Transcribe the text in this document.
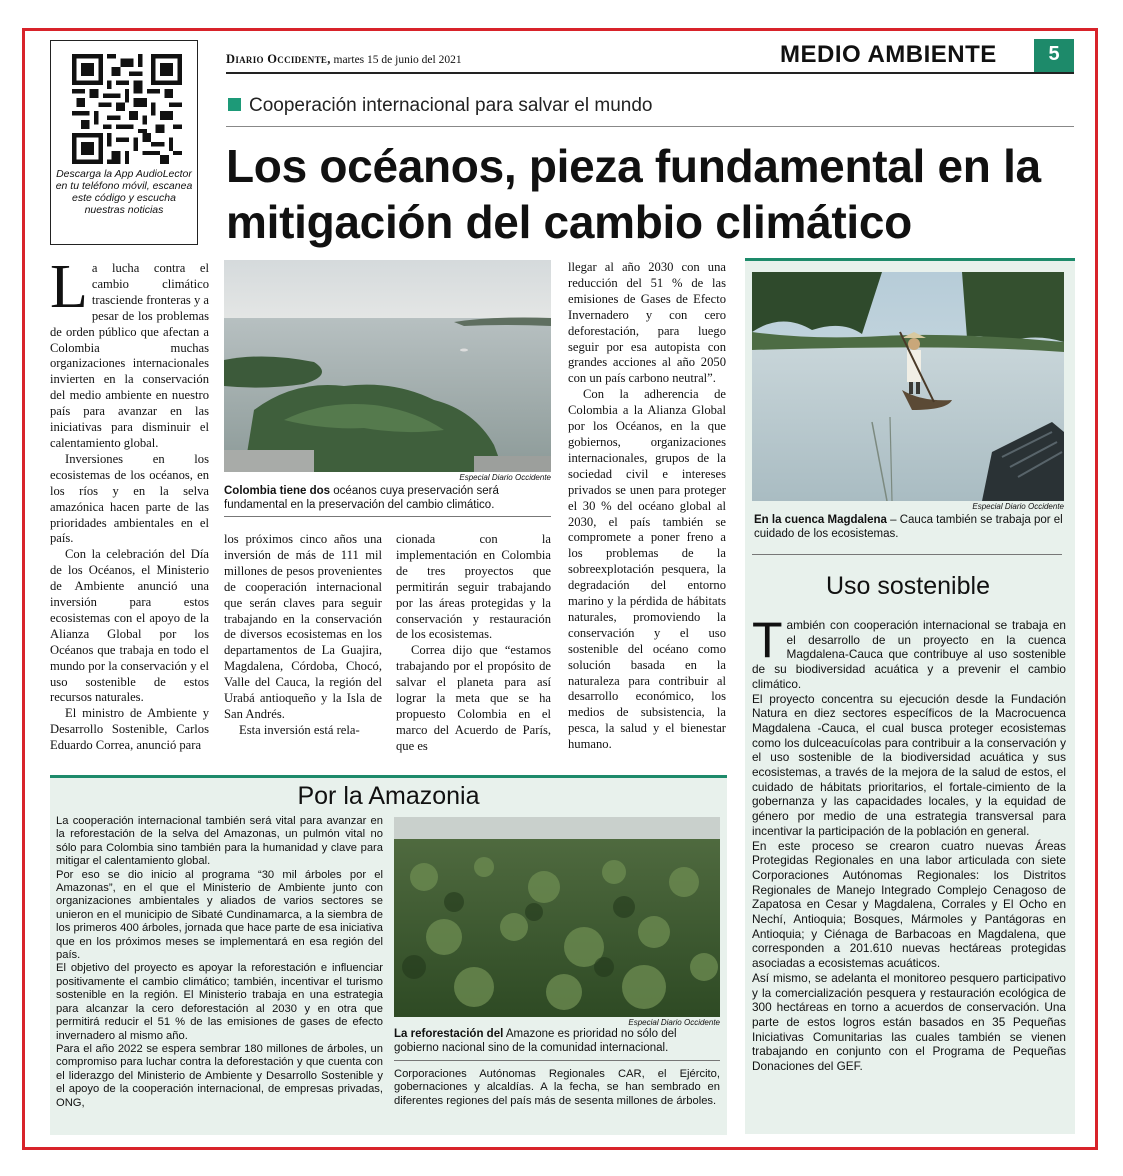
Descarga la App AudioLector en tu teléfono móvil, escanea este código y escucha nuestras noticias
Diario Occidente, martes 15 de junio del 2021	MEDIO AMBIENTE	5
Cooperación internacional para salvar el mundo
Los océanos, pieza fundamental en la mitigación del cambio climático

La lucha contra el cambio climático trasciende fronteras y a pesar de los problemas de orden público que afectan a Colombia muchas organizaciones internacionales invierten en la conservación del medio ambiente en nuestro país para avanzar en las iniciativas para disminuir el calentamiento global.

Inversiones en los ecosistemas de los océanos, en los ríos y en la selva amazónica hacen parte de las prioridades ambientales en el país.

Con la celebración del Día de los Océanos, el Ministerio de Ambiente anunció una inversión para estos ecosistemas con el apoyo de la Alianza Global por los Océanos que trabaja en todo el mundo por la conservación y el uso sostenible de estos recursos naturales.

El ministro de Ambiente y Desarrollo Sostenible, Carlos Eduardo Correa, anunció para

Especial Diario Occidente
Colombia tiene dos océanos cuya preservación será fundamental en la preservación del cambio climático.

los próximos cinco años una inversión de más de 111 mil millones de pesos provenientes de cooperación internacional que serán claves para seguir trabajando en la conservación de diversos ecosistemas en los departamentos de La Guajira, Magdalena, Córdoba, Chocó, Valle del Cauca, la región del Urabá antioqueño y la Isla de San Andrés.

Esta inversión está rela-

cionada con la implementación en Colombia de tres proyectos que permitirán seguir trabajando por las áreas protegidas y la conservación y restauración de los ecosistemas.

Correa dijo que “estamos trabajando por el propósito de salvar el planeta para así lograr la meta que se ha propuesto Colombia en el marco del Acuerdo de París, que es

llegar al año 2030 con una reducción del 51 % de las emisiones de Gases de Efecto Invernadero y con cero deforestación, para luego seguir por esa autopista con grandes acciones al año 2050 con un país carbono neutral”.

Con la adherencia de Colombia a la Alianza Global por los Océanos, en la que gobiernos, organizaciones internacionales, grupos de la sociedad civil e intereses privados se unen para proteger el 30 % del océano global al 2030, el país también se compromete a poner freno a los problemas de la sobreexplotación pesquera, la degradación del entorno marino y la pérdida de hábitats naturales, promoviendo la conservación y el uso sostenible del océano como solución basada en la naturaleza para contribuir al desarrollo económico, los medios de subsistencia, la pesca, la salud y el bienestar humano.

Especial Diario Occidente
En la cuenca Magdalena – Cauca también se trabaja por el cuidado de los ecosistemas.
Uso sostenible

También con cooperación internacional se trabaja en el desarrollo de un proyecto en la cuenca Magdalena-Cauca que contribuye al uso sostenible de su biodiversidad acuática y a prevenir el cambio climático.

El proyecto concentra su ejecución desde la Fundación Natura en diez sectores específicos de la Macrocuenca Magdalena -Cauca, el cual busca proteger ecosistemas como los dulceacuícolas para contribuir a la conservación y el uso sostenible de la biodiversidad acuática y sus ecosistemas, a través de la mejora de la salud de estos, el cuidado de hábitats prioritarios, el fortale-cimiento de la gobernanza y las capacidades locales, y la equidad de género por medio de una estrategia transversal para incentivar la participación de la población en general.

En este proceso se crearon cuatro nuevas Áreas Protegidas Regionales en una labor articulada con siete Corporaciones Autónomas Regionales: los Distritos Regionales de Manejo Integrado Complejo Cenagoso de Zapatosa en Cesar y Magdalena, Corrales y El Ocho en Nechí, Antioquia; Bosques, Mármoles y Pantágoras en Antioquia; y Ciénaga de Barbacoas en Magdalena, que corresponden a 201.610 nuevas hectáreas protegidas asociadas a ecosistemas acuáticos.

Así mismo, se adelanta el monitoreo pesquero participativo y la comercialización pesquera y restauración ecológica de 300 hectáreas en torno a acuerdos de conservación. Una parte de estos logros están basados en 35 Pequeñas Iniciativas Comunitarias las cuales también se vienen trabajando en conjunto con el Programa de Pequeñas Donaciones del GEF.

Por la Amazonia

La cooperación internacional también será vital para avanzar en la reforestación de la selva del Amazonas, un pulmón vital no sólo para Colombia sino también para la humanidad y clave para mitigar el calentamiento global.

Por eso se dio inicio al programa “30 mil árboles por el Amazonas”, en el que el Ministerio de Ambiente junto con organizaciones ambientales y aliados de varios sectores se unieron en el municipio de Sibaté Cundinamarca, a la siembra de los primeros 400 árboles, jornada que hace parte de esa iniciativa que en los próximos meses se implementará en esa región del país.

El objetivo del proyecto es apoyar la reforestación e influenciar positivamente el cambio climático; también, incentivar el turismo sostenible en la región. El Ministerio trabaja en una estrategia para alcanzar la cero deforestación al 2030 y en otra que permitirá reducir el 51 % de las emisiones de gases de efecto invernadero al mismo año.

Para el año 2022 se espera sembrar 180 millones de árboles, un compromiso para luchar contra la deforestación y que cuenta con el liderazgo del Ministerio de Ambiente y Desarrollo Sostenible y el apoyo de la cooperación internacional, de empresas privadas, ONG,

Especial Diario Occidente
La reforestación del Amazone es prioridad no sólo del gobierno nacional sino de la comunidad internacional.

Corporaciones Autónomas Regionales CAR, el Ejército, gobernaciones y alcaldías. A la fecha, se han sembrado en diferentes regiones del país más de sesenta millones de árboles.
